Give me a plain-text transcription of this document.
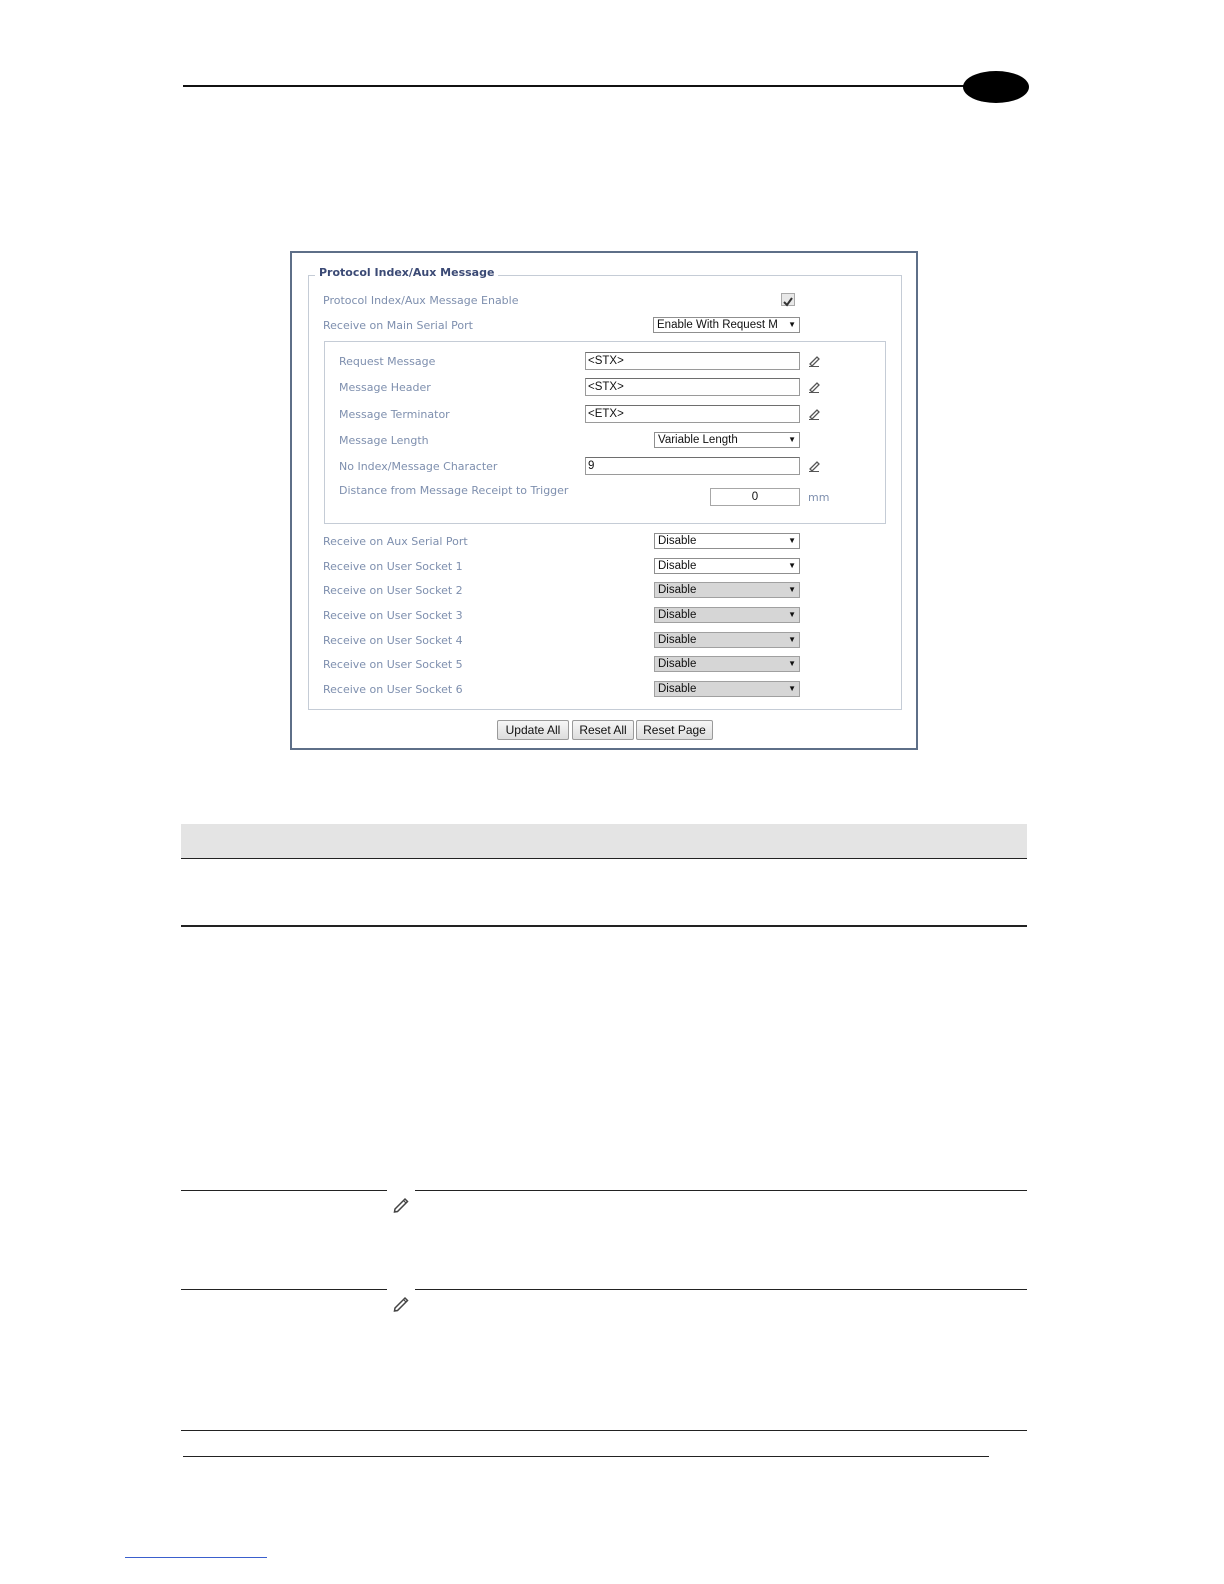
Protocol Index/Aux Message
Protocol Index/Aux Message Enable
Receive on Main Serial Port	Enable With Request M ▼
Request Message	<STX>
Message Header	<STX>
Message Terminator	<ETX>
Message Length	Variable Length	▼
No Index/Message Character	9
Distance from Message Receipt to Trigger	0	mm
Receive on Aux Serial Port	Disable	▼
Receive on User Socket 1	Disable	▼
Receive on User Socket 2	Disable	▼
Receive on User Socket 3	Disable	▼
Receive on User Socket 4	Disable	▼
Receive on User Socket 5	Disable	▼
Receive on User Socket 6	Disable	▼
Update All	Reset All	Reset Page
